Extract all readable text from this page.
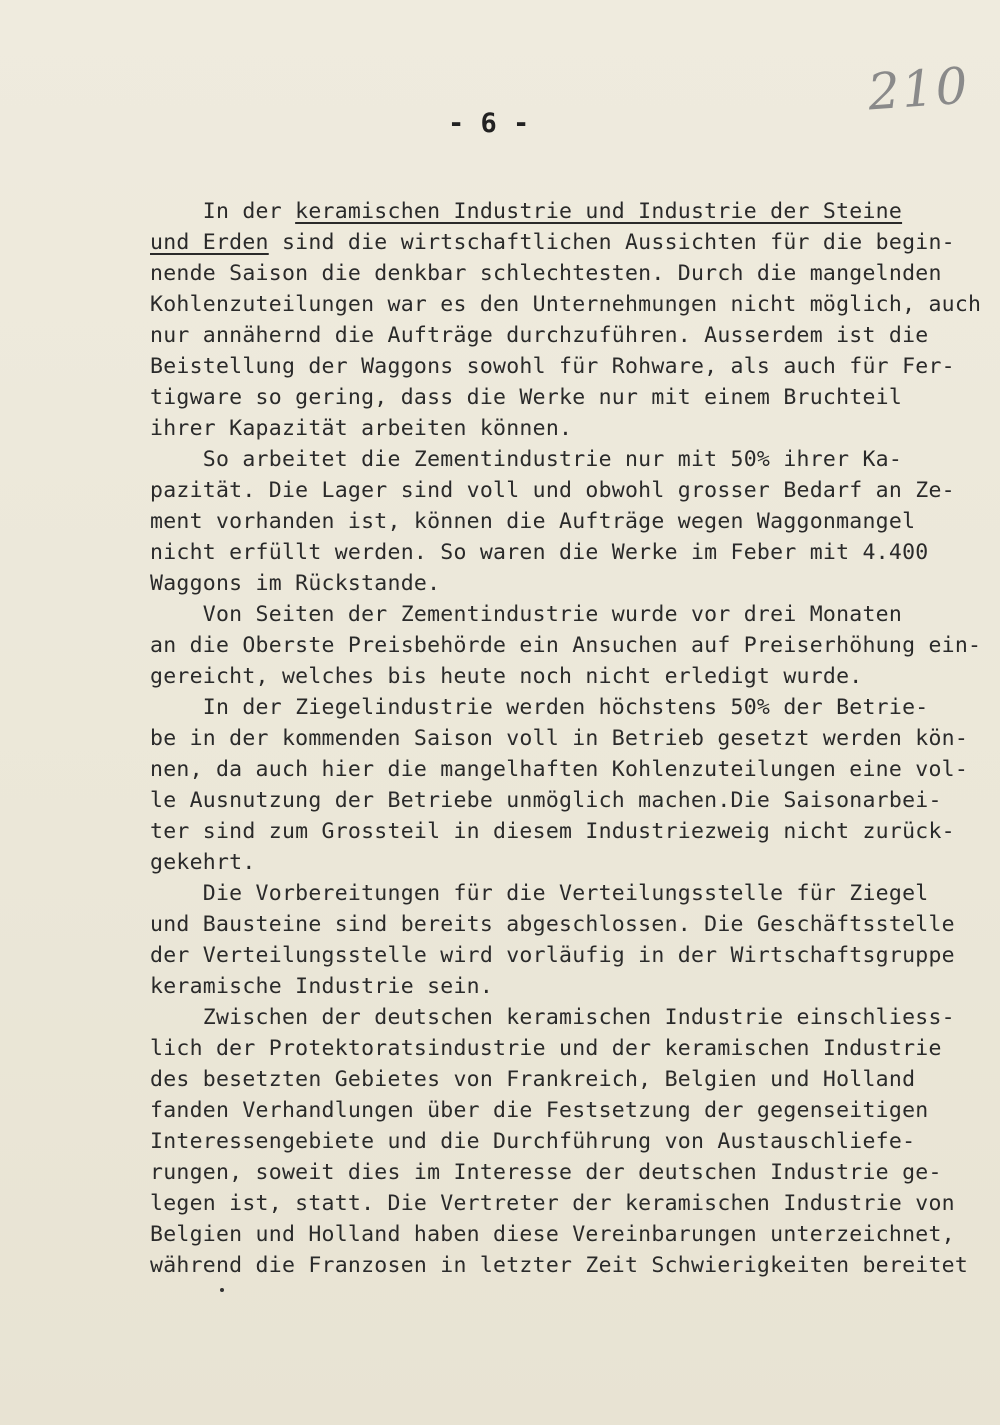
210
- 6 -
In der keramischen Industrie und Industrie der Steine
und Erden sind die wirtschaftlichen Aussichten für die begin-
nende Saison die denkbar schlechtesten. Durch die mangelnden
Kohlenzuteilungen war es den Unternehmungen nicht möglich, auch
nur annähernd die Aufträge durchzuführen. Ausserdem ist die
Beistellung der Waggons sowohl für Rohware, als auch für Fer-
tigware so gering, dass die Werke nur mit einem Bruchteil
ihrer Kapazität arbeiten können.
So arbeitet die Zementindustrie nur mit 50% ihrer Ka-
pazität. Die Lager sind voll und obwohl grosser Bedarf an Ze-
ment vorhanden ist, können die Aufträge wegen Waggonmangel
nicht erfüllt werden. So waren die Werke im Feber mit 4.400
Waggons im Rückstande.
Von Seiten der Zementindustrie wurde vor drei Monaten
an die Oberste Preisbehörde ein Ansuchen auf Preiserhöhung ein-
gereicht, welches bis heute noch nicht erledigt wurde.
In der Ziegelindustrie werden höchstens 50% der Betrie-
be in der kommenden Saison voll in Betrieb gesetzt werden kön-
nen, da auch hier die mangelhaften Kohlenzuteilungen eine vol-
le Ausnutzung der Betriebe unmöglich machen.Die Saisonarbei-
ter sind zum Grossteil in diesem Industriezweig nicht zurück-
gekehrt.
Die Vorbereitungen für die Verteilungsstelle für Ziegel
und Bausteine sind bereits abgeschlossen. Die Geschäftsstelle
der Verteilungsstelle wird vorläufig in der Wirtschaftsgruppe
keramische Industrie sein.
Zwischen der deutschen keramischen Industrie einschliess-
lich der Protektoratsindustrie und der keramischen Industrie
des besetzten Gebietes von Frankreich, Belgien und Holland
fanden Verhandlungen über die Festsetzung der gegenseitigen
Interessengebiete und die Durchführung von Austauschliefe-
rungen, soweit dies im Interesse der deutschen Industrie ge-
legen ist, statt. Die Vertreter der keramischen Industrie von
Belgien und Holland haben diese Vereinbarungen unterzeichnet,
während die Franzosen in letzter Zeit Schwierigkeiten bereitet
